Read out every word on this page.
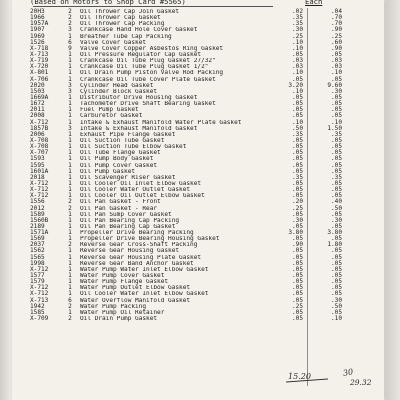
(Based on Motors to Shop Card #5565)	Each
20H3	2	Oil Thrower Cap Join Gasket	.02	.04
1966	2	Oil Thrower Cap Gasket	.35	.70
1957A	2	Oil Thrower Cap Packing	.35	.70
1907	3	Crankcase Hand Hole Cover Gasket	.30	.90
1969	1	Breather Tube Cap Packing	.25	.25
1526	6	Valve Cover Gasket	.10	.60
X-718	9	Valve Cover Copper Asbestos Ring Gasket	.10	.90
X-713	1	Oil Pressure Regulator Cap Gasket	.05	.05
X-719	1	Crankcase Oil Tube Plug Gasket 27/32"	.03	.03
X-720	1	Crankcase Oil Tube Plug Gasket 1/2"	.03	.03
X-801	1	Oil Drain Pump Piston Valve Rod Packing	.10	.10
X-706	1	Crankcase Oil Tube Cover Plate Gasket	.05	.05
2020	3	Cylinder Head Gasket	3.20	9.60
1503	3	Cylinder Block Gasket	.10	.30
1669A	1	Distributor Drive Housing Gasket	.05	.05
1672	1	Tachometer Drive Shaft Bearing Gasket	.05	.05
2011	1	Fuel Pump Gasket	.05	.05
2008	1	Carburetor Gasket	.05	.05
X-712	1	Intake & Exhaust Manifold Water Plate Gasket	.10	.10
1857B	3	Intake & Exhaust Manifold Gasket	.50	1.50
2006	1	Exhaust Pipe Flange Gasket	.35	.35
X-708	1	Oil Suction Tube Gasket	.05	.05
X-708	1	Oil Suction Tube Elbow Gasket	.05	.05
X-707	1	Oil Tube Flange Gasket	.05	.05
1593	1	Oil Pump Body Gasket	.05	.05
1595	1	Oil Pump Cover Gasket	.05	.05
1601A	1	Oil Pump Gasket	.05	.05
2018	1	Oil Scavenger Riser Gasket	.35	.35
X-712	1	Oil Cooler Oil Inlet Elbow Gasket	.05	.05
X-712	1	Oil Cooler Water Outlet Gasket	.05	.05
X-712	1	Oil Cooler Oil Outlet Elbow Gasket	.05	.05
1556	2	Oil Pan Gasket - Front	.20	.40
2012	2	Oil Pan Gasket - Rear	.25	.50
1589	1	Oil Pan Sump Cover Gasket	.05	.05
1560B	1	Oil Pan Bearing Cap Packing	.30	.30
2189	1	Oil Pan Bearing Cap Gasket	.05	.05
1571A	1	Propeller Drive Bearing Packing	3.80	3.80
1569	1	Propeller Drive Bearing Housing Gasket	.05	.05
2037	2	Reverse Gear Cross-Shaft Packing	.90	1.80
1562	1	Reverse Gear Housing Gasket	.05	.05
1565	1	Reverse Gear Housing Plate Gasket	.05	.05
1998	1	Reverse Gear Band Anchor Gasket	.05	.05
X-712	1	Water Pump Water Inlet Elbow Gasket	.05	.05
1577	1	Water Pump Cover Gasket	.05	.05
1579	1	Water Pump Flange Gasket	.05	.05
X-712	1	Water Pump Outlet Elbow Gasket	.05	.05
X-712	1	Oil Cooler Water Inlet Elbow Gasket	.05	.05
X-713	6	Water Overflow Manifold Gasket	.05	.30
1942	2	Water Pump Packing	.25	.50
1585	1	Water Pump Oil Retainer	.05	.05
X-709	2	Oil Drain Pump Gasket	.05	.10
15.20	30
29.32
